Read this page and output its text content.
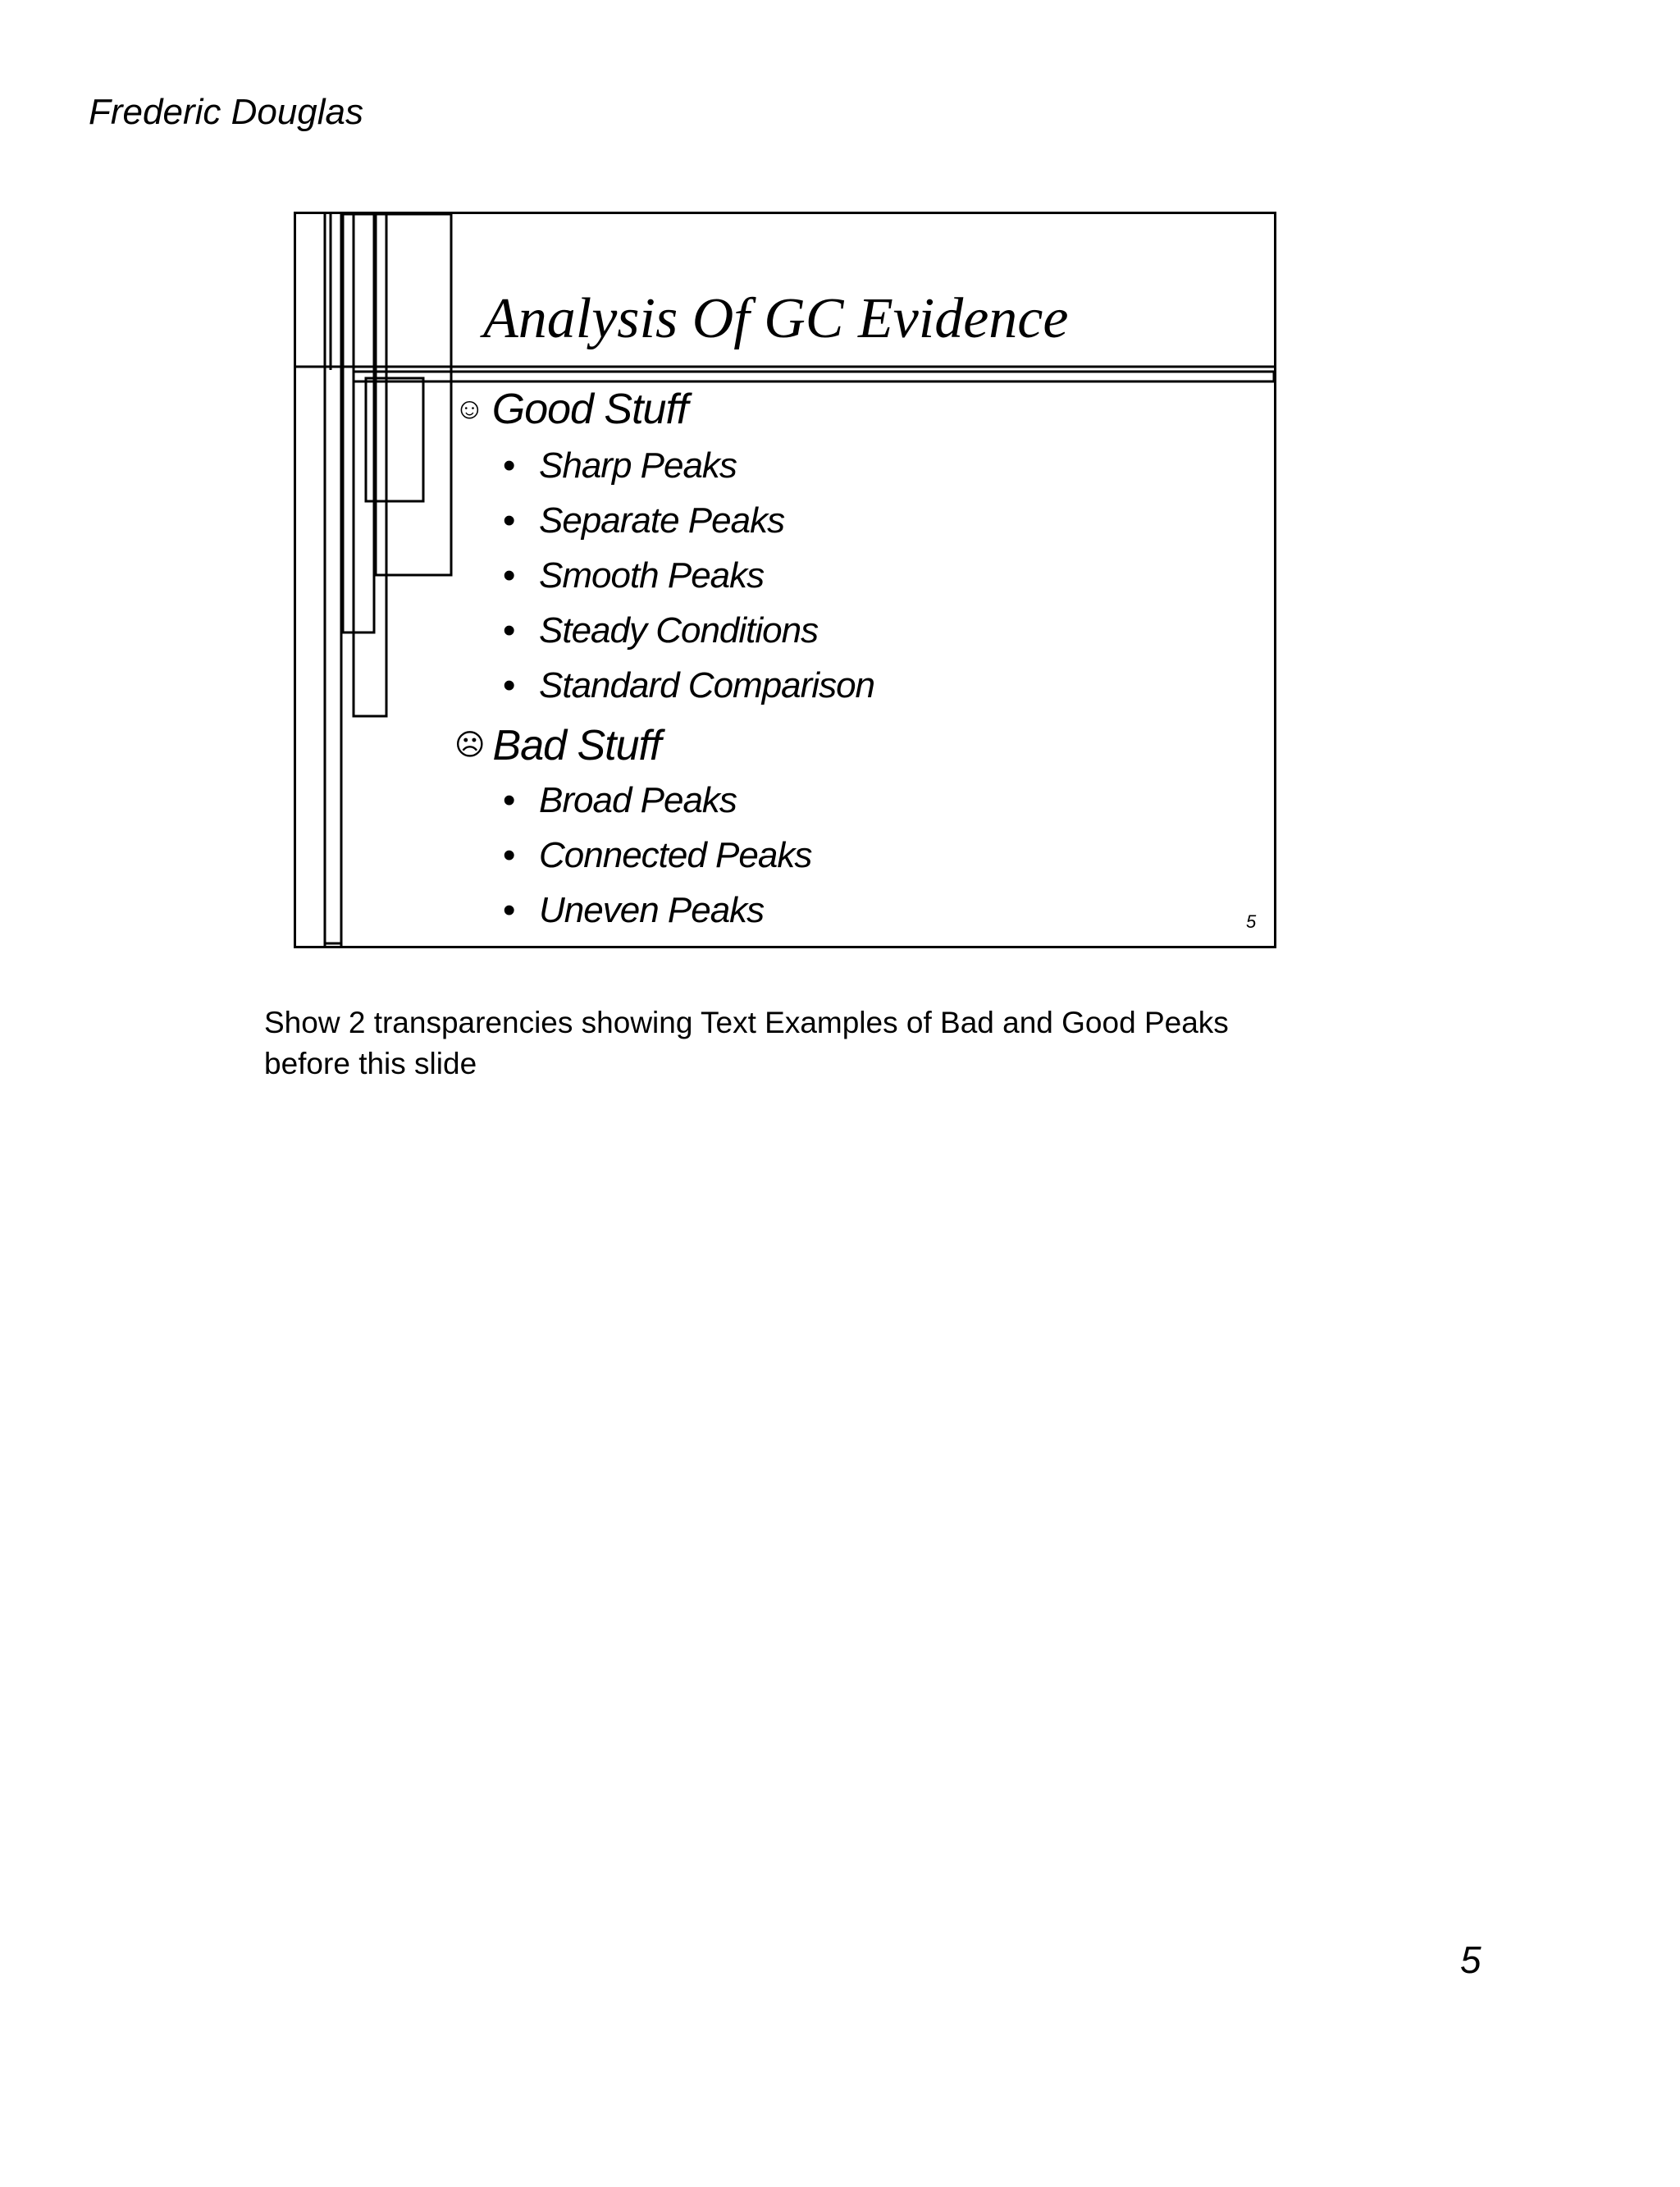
Frederic Douglas
Analysis Of GC Evidence
☺ Good Stuff
• Sharp Peaks
• Separate Peaks
• Smooth Peaks
• Steady Conditions
• Standard Comparison
☹ Bad Stuff
• Broad Peaks
• Connected Peaks
• Uneven Peaks	5
Show 2 transparencies showing Text Examples of Bad and Good Peaks before this slide
5
